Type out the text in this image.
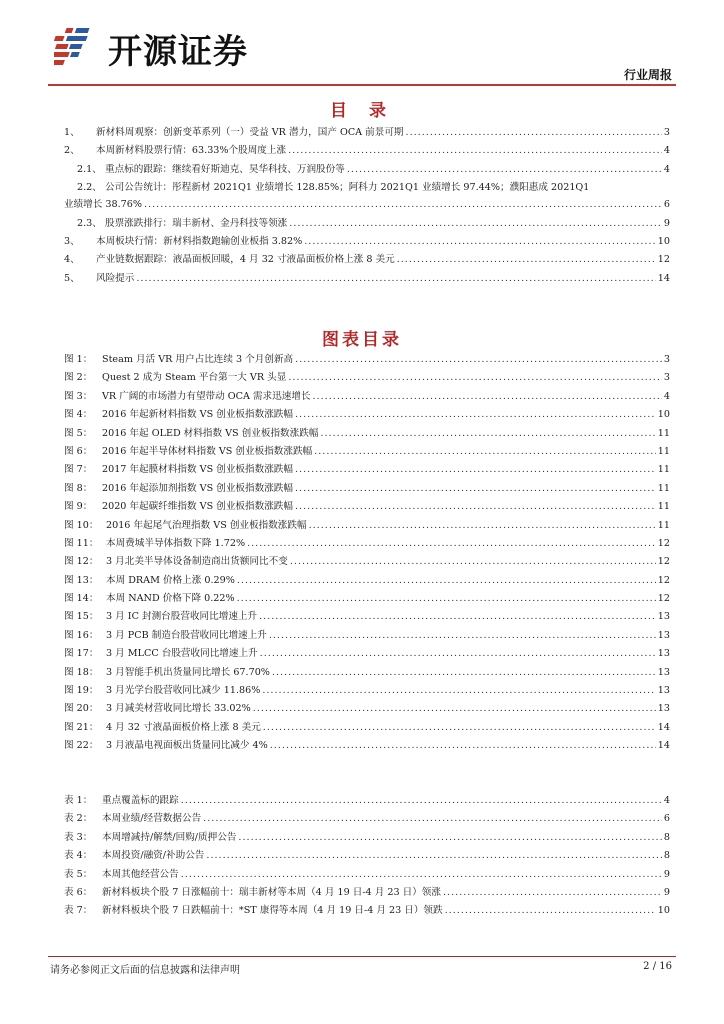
开源证券
行业周报
目 录
1、	新材料周观察：创新变革系列（一）受益 VR 潜力，国产 OCA 前景可期 .....	3
2、	本周新材料股票行情：63.33%个股周度上涨 .....	4
2.1、 重点标的跟踪：继续看好斯迪克、昊华科技、万润股份等 .....	4
2.2、 公司公告统计：彤程新材 2021Q1 业绩增长 128.85%；阿科力 2021Q1 业绩增长 97.44%；濮阳惠成 2021Q1
业绩增长 38.76% .....	6
2.3、 股票涨跌排行：瑞丰新材、金丹科技等领涨 .....	9
3、	本周板块行情：新材料指数跑输创业板指 3.82% .....	10
4、	产业链数据跟踪：液晶面板回暖，4 月 32 寸液晶面板价格上涨 8 美元 .....	12
5、	风险提示 .....	14
图表目录
图 1：	Steam 月活 VR 用户占比连续 3 个月创新高 .....	3
图 2：	Quest 2 成为 Steam 平台第一大 VR 头显 .....	3
图 3：	VR 广阔的市场潜力有望带动 OCA 需求迅速增长 .....	4
图 4：	2016 年起新材料指数 VS 创业板指数涨跌幅 .....	10
图 5：	2016 年起 OLED 材料指数 VS 创业板指数涨跌幅 .....	11
图 6：	2016 年起半导体材料指数 VS 创业板指数涨跌幅 .....	11
图 7：	2017 年起膜材料指数 VS 创业板指数涨跌幅 .....	11
图 8：	2016 年起添加剂指数 VS 创业板指数涨跌幅 .....	11
图 9：	2020 年起碳纤维指数 VS 创业板指数涨跌幅 .....	11
图 10： 2016 年起尾气治理指数 VS 创业板指数涨跌幅 .....	11
图 11： 本周费城半导体指数下降 1.72% .....	12
图 12： 3 月北美半导体设备制造商出货额同比不变 .....	12
图 13： 本周 DRAM 价格上涨 0.29% .....	12
图 14： 本周 NAND 价格下降 0.22% .....	12
图 15： 3 月 IC 封测台股营收同比增速上升 .....	13
图 16： 3 月 PCB 制造台股营收同比增速上升 .....	13
图 17： 3 月 MLCC 台股营收同比增速上升 .....	13
图 18： 3 月智能手机出货量同比增长 67.70% .....	13
图 19： 3 月光学台股营收同比减少 11.86% .....	13
图 20： 3 月减美材营收同比增长 33.02% .....	13
图 21： 4 月 32 寸液晶面板价格上涨 8 美元 .....	14
图 22： 3 月液晶电视面板出货量同比减少 4% .....	14
表 1：	重点覆盖标的跟踪 .....	4
表 2：	本周业绩/经营数据公告 .....	6
表 3：	本周增减持/解禁/回购/质押公告 .....	8
表 4：	本周投资/融资/补助公告 .....	8
表 5：	本周其他经营公告 .....	9
表 6：	新材料板块个股 7 日涨幅前十：瑞丰新材等本周（4 月 19 日-4 月 23 日）领涨 .....	9
表 7：	新材料板块个股 7 日跌幅前十：*ST 康得等本周（4 月 19 日-4 月 23 日）领跌 .....	10
请务必参阅正文后面的信息披露和法律声明	2 / 16
